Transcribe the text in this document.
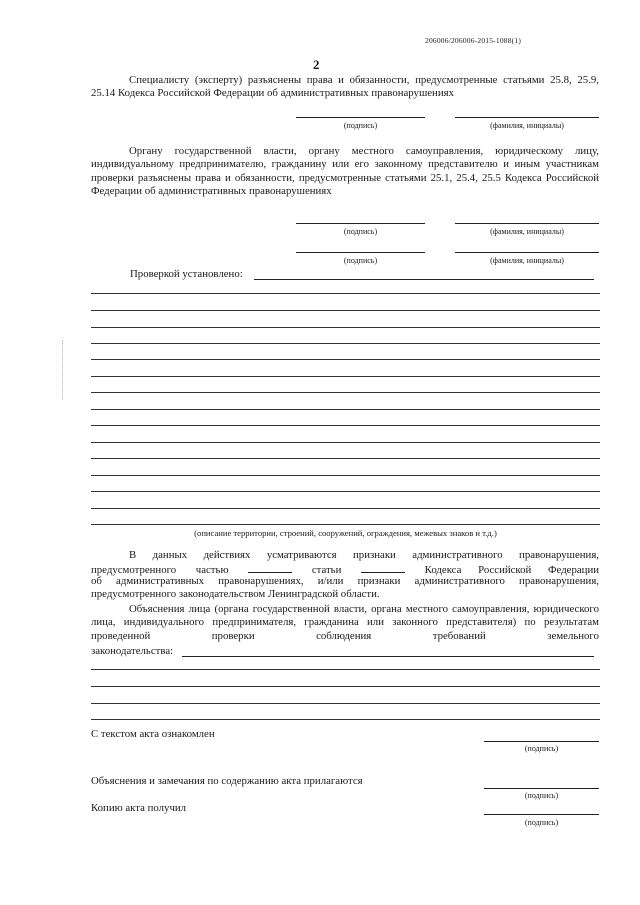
206006/206006-2015-1088(1)
2
Специалисту (эксперту) разъяснены права и обязанности, предусмотренные статьями 25.8, 25.9, 25.14 Кодекса Российской Федерации об административных правонарушениях
(подпись)	(фамилия, инициалы)
Органу государственной власти, органу местного самоуправления, юридическому лицу, индивидуальному предпринимателю, гражданину или его законному представителю и иным участникам проверки разъяснены права и обязанности, предусмотренные статьями 25.1, 25.4, 25.5 Кодекса Российской Федерации об административных правонарушениях
(подпись)	(фамилия, инициалы)
(подпись)	(фамилия, инициалы)
Проверкой установлено:
(описание территории, строений, сооружений, ограждения, межевых знаков и т.д.)
В данных действиях усматриваются признаки административного правонарушения,
предусмотренного частью	статьи	Кодекса Российской Федерации
об административных правонарушениях, и/или признаки административного правонарушения,
предусмотренного законодательством Ленинградской области.
Объяснения лица (органа государственной власти, органа местного самоуправления, юридического лица, индивидуального предпринимателя, гражданина или законного представителя) по результатам проведенной проверки соблюдения требований земельного
законодательства:
С текстом акта ознакомлен
(подпись)
Объяснения и замечания по содержанию акта прилагаются
(подпись)
Копию акта получил
(подпись)
